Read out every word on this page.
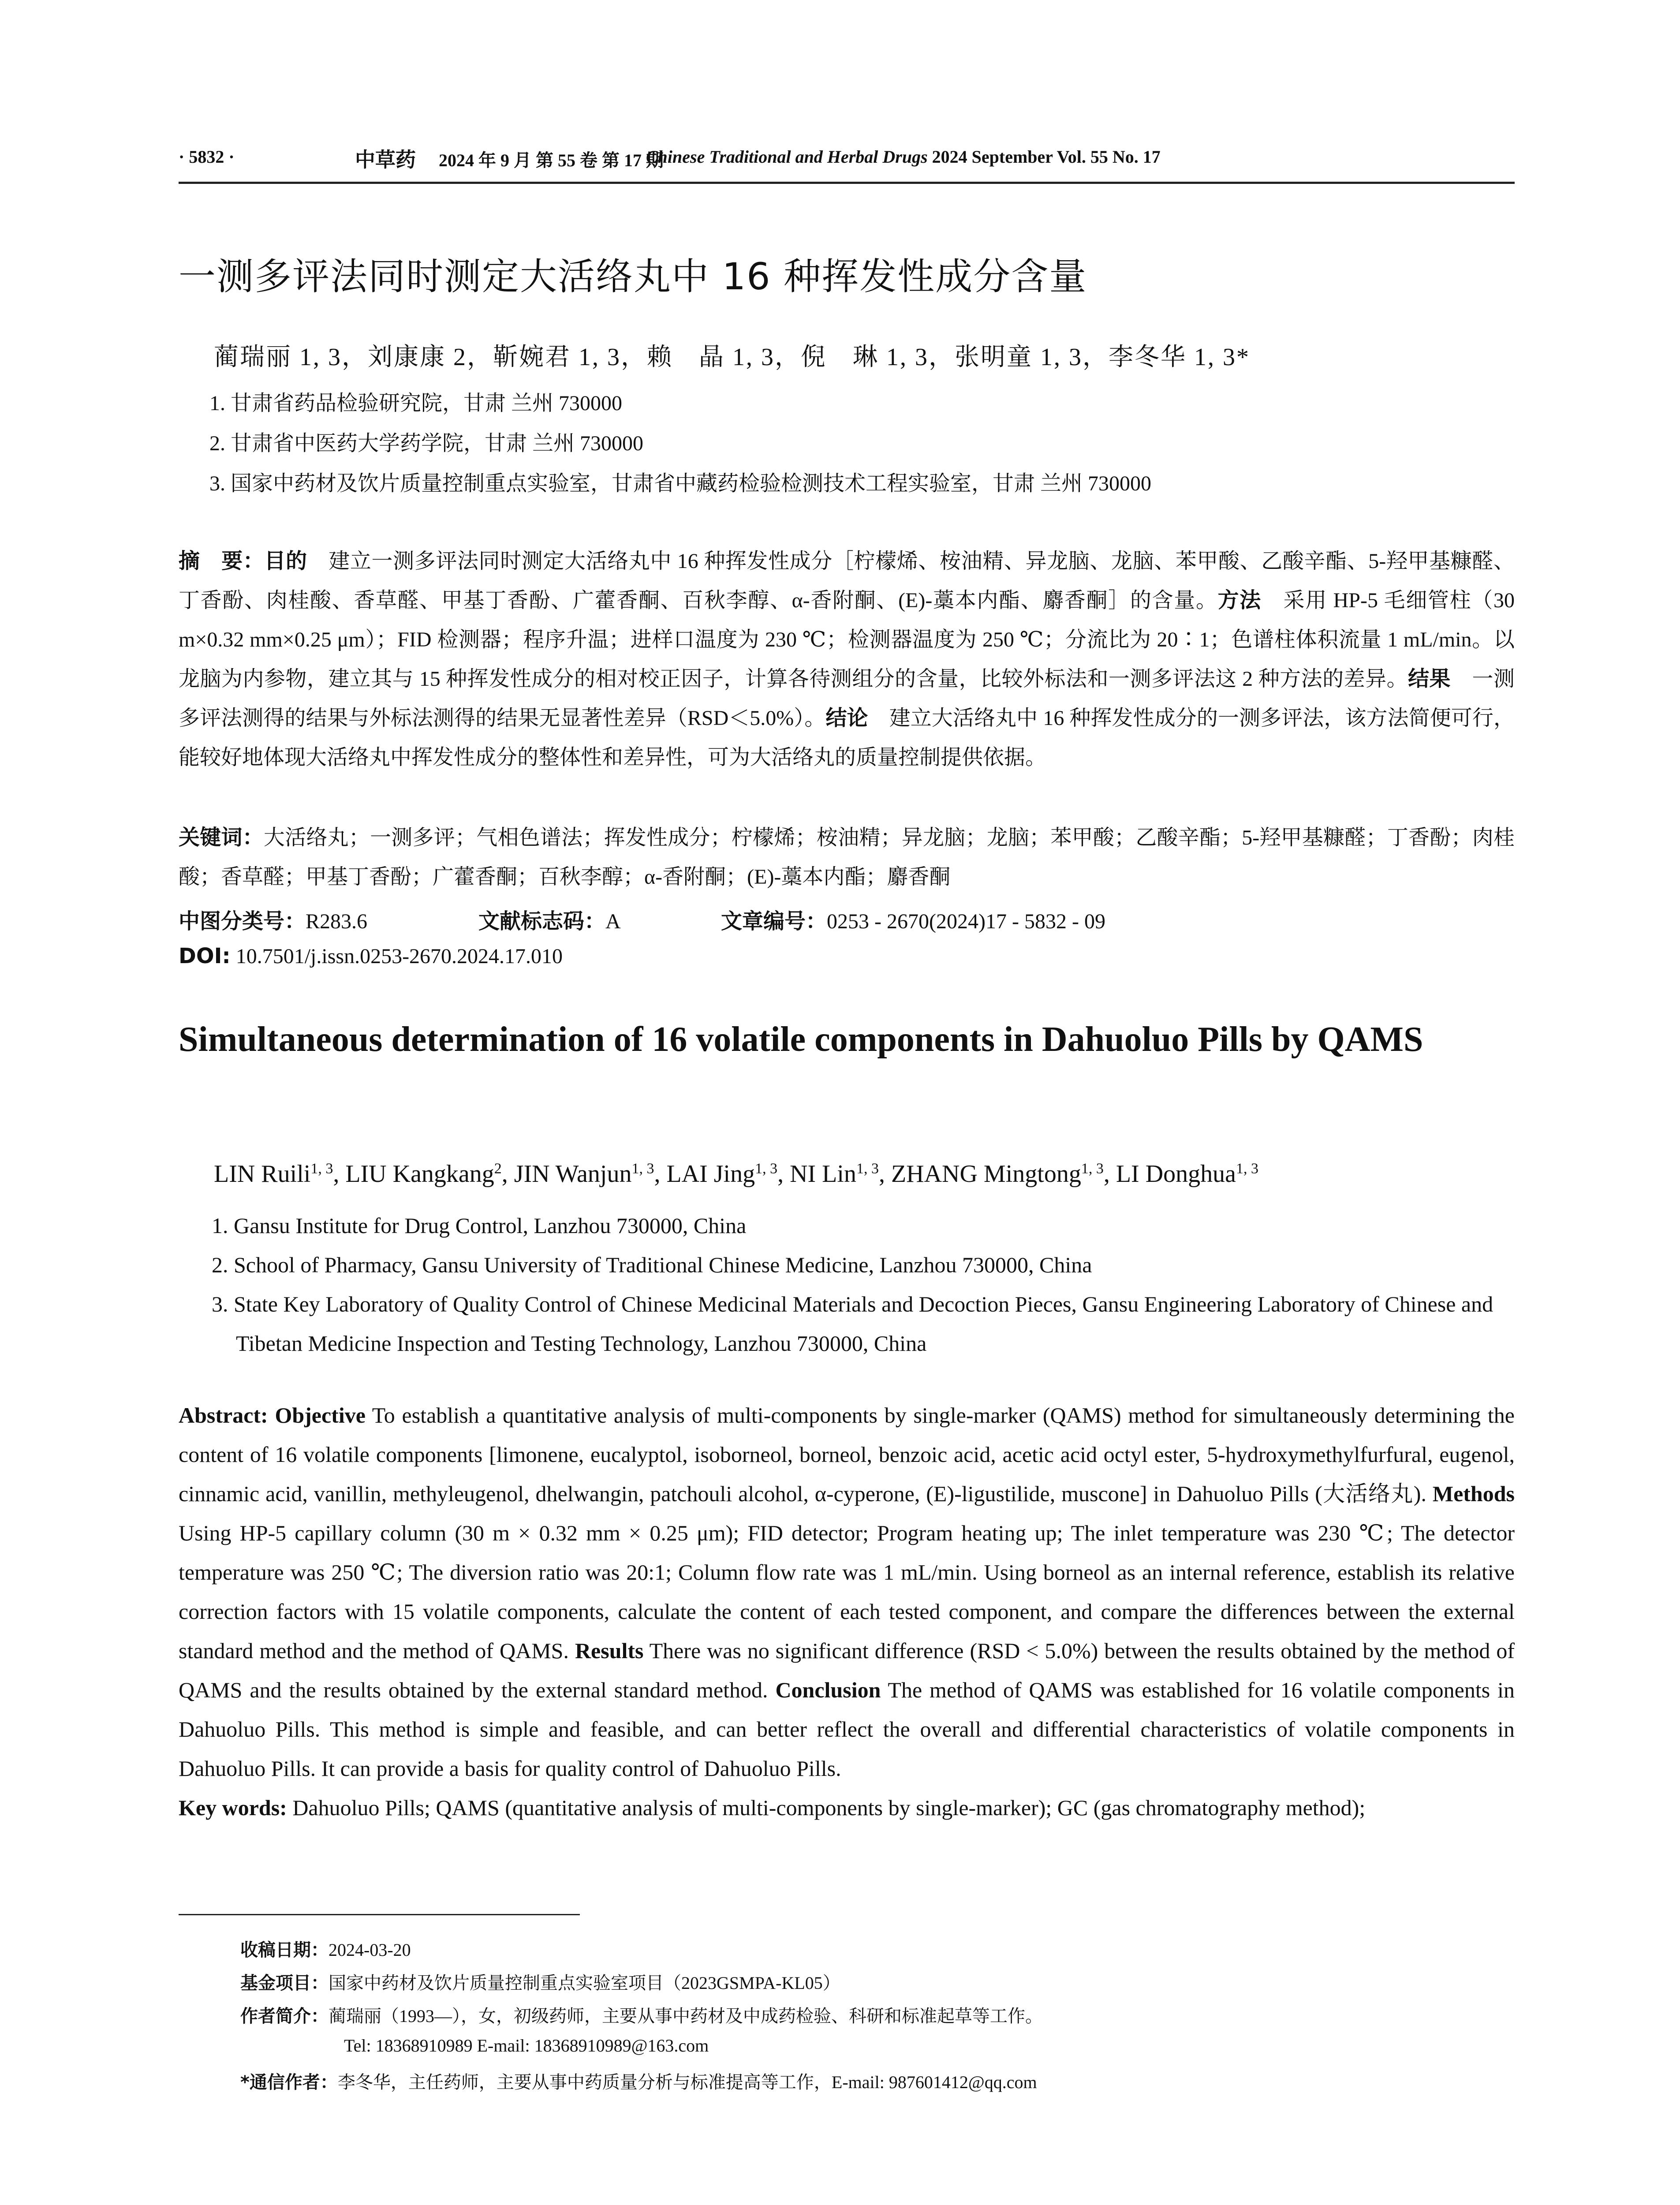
· 5832 ·	中草药 2024 年 9 月 第 55 卷 第 17 期
Chinese Traditional and Herbal Drugs 2024 September Vol. 55 No. 17
一测多评法同时测定大活络丸中 16 种挥发性成分含量
蔺瑞丽 1, 3，刘康康 2，靳婉君 1, 3，赖　晶 1, 3，倪　琳 1, 3，张明童 1, 3，李冬华 1, 3*
1. 甘肃省药品检验研究院，甘肃 兰州 730000
2. 甘肃省中医药大学药学院，甘肃 兰州 730000
3. 国家中药材及饮片质量控制重点实验室，甘肃省中藏药检验检测技术工程实验室，甘肃 兰州 730000
摘　要：目的　建立一测多评法同时测定大活络丸中 16 种挥发性成分［柠檬烯、桉油精、异龙脑、龙脑、苯甲酸、乙酸辛酯、5-羟甲基糠醛、丁香酚、肉桂酸、香草醛、甲基丁香酚、广藿香酮、百秋李醇、α-香附酮、(E)-藁本内酯、麝香酮］的含量。方法　采用 HP-5 毛细管柱（30 m×0.32 mm×0.25 μm）；FID 检测器；程序升温；进样口温度为 230 ℃；检测器温度为 250 ℃；分流比为 20∶1；色谱柱体积流量 1 mL/min。以龙脑为内参物，建立其与 15 种挥发性成分的相对校正因子，计算各待测组分的含量，比较外标法和一测多评法这 2 种方法的差异。结果　一测多评法测得的结果与外标法测得的结果无显著性差异（RSD＜5.0%）。结论　建立大活络丸中 16 种挥发性成分的一测多评法，该方法简便可行，能较好地体现大活络丸中挥发性成分的整体性和差异性，可为大活络丸的质量控制提供依据。
关键词：大活络丸；一测多评；气相色谱法；挥发性成分；柠檬烯；桉油精；异龙脑；龙脑；苯甲酸；乙酸辛酯；5-羟甲基糠醛；丁香酚；肉桂酸；香草醛；甲基丁香酚；广藿香酮；百秋李醇；α-香附酮；(E)-藁本内酯；麝香酮
中图分类号：R283.6	文献标志码：A	文章编号：0253 - 2670(2024)17 - 5832 - 09
DOI: 10.7501/j.issn.0253-2670.2024.17.010
Simultaneous determination of 16 volatile components in Dahuoluo Pills by QAMS
LIN Ruili$^{1, 3}$, LIU Kangkang$^2$, JIN Wanjun$^{1, 3}$, LAI Jing$^{1, 3}$, NI Lin$^{1, 3}$, ZHANG Mingtong$^{1, 3}$, LI Donghua$^{1, 3}$
1. Gansu Institute for Drug Control, Lanzhou 730000, China
2. School of Pharmacy, Gansu University of Traditional Chinese Medicine, Lanzhou 730000, China
3. State Key Laboratory of Quality Control of Chinese Medicinal Materials and Decoction Pieces, Gansu Engineering Laboratory of Chinese and Tibetan Medicine Inspection and Testing Technology, Lanzhou 730000, China
Abstract: Objective To establish a quantitative analysis of multi-components by single-marker (QAMS) method for simultaneously determining the content of 16 volatile components [limonene, eucalyptol, isoborneol, borneol, benzoic acid, acetic acid octyl ester, 5-hydroxymethylfurfural, eugenol, cinnamic acid, vanillin, methyleugenol, dhelwangin, patchouli alcohol, α-cyperone, (E)-ligustilide, muscone] in Dahuoluo Pills (大活络丸). Methods Using HP-5 capillary column (30 m × 0.32 mm × 0.25 μm); FID detector; Program heating up; The inlet temperature was 230 ℃; The detector temperature was 250 ℃; The diversion ratio was 20:1; Column flow rate was 1 mL/min. Using borneol as an internal reference, establish its relative correction factors with 15 volatile components, calculate the content of each tested component, and compare the differences between the external standard method and the method of QAMS. Results There was no significant difference (RSD < 5.0%) between the results obtained by the method of QAMS and the results obtained by the external standard method. Conclusion The method of QAMS was established for 16 volatile components in Dahuoluo Pills. This method is simple and feasible, and can better reflect the overall and differential characteristics of volatile components in Dahuoluo Pills. It can provide a basis for quality control of Dahuoluo Pills.
Key words: Dahuoluo Pills; QAMS (quantitative analysis of multi-components by single-marker); GC (gas chromatography method);
收稿日期：2024-03-20
基金项目：国家中药材及饮片质量控制重点实验室项目（2023GSMPA-KL05）
作者简介：蔺瑞丽（1993—），女，初级药师，主要从事中药材及中成药检验、科研和标准起草等工作。
Tel: 18368910989 E-mail: 18368910989@163.com
*通信作者：李冬华，主任药师，主要从事中药质量分析与标准提高等工作，E-mail: 987601412@qq.com
